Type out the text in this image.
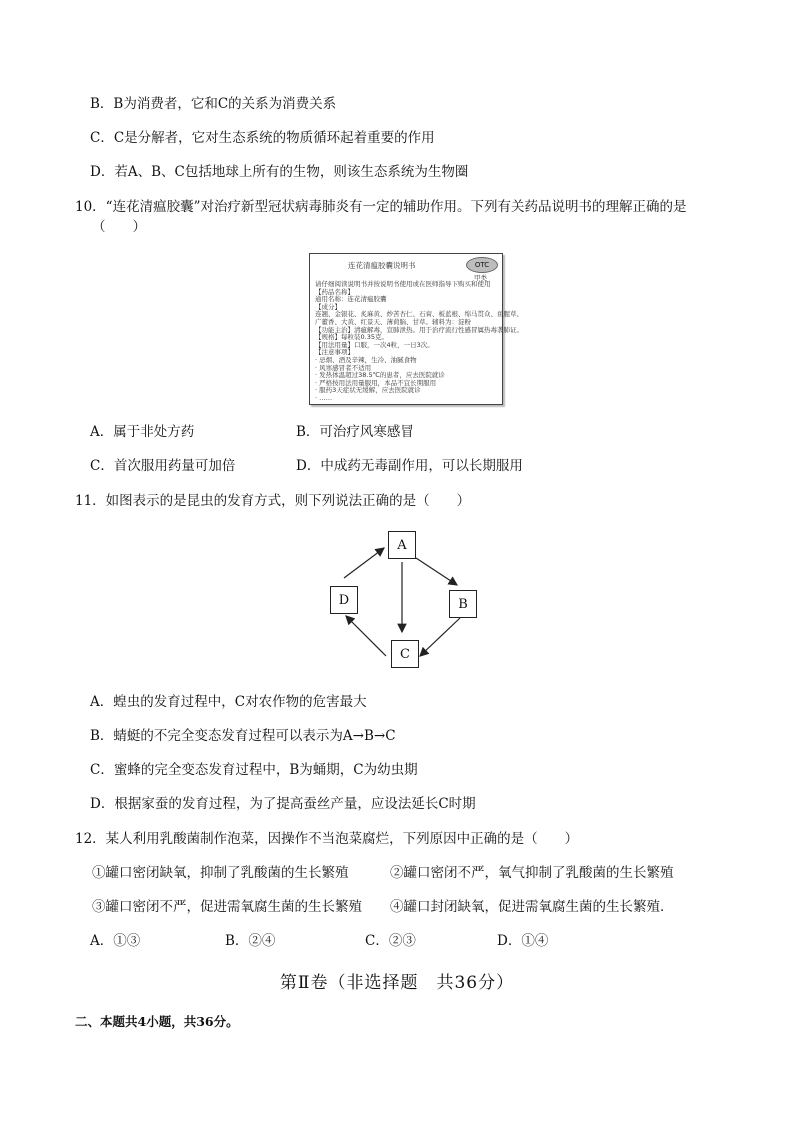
B．B为消费者，它和C的关系为消费关系
C．C是分解者，它对生态系统的物质循环起着重要的作用
D．若A、B、C包括地球上所有的生物，则该生态系统为生物圈
10．“连花清瘟胶囊”对治疗新型冠状病毒肺炎有一定的辅助作用。下列有关药品说明书的理解正确的是
（　　）
连花清瘟胶囊说明书	OTC
甲类
请仔细阅读说明书并按说明书使用或在医师指导下购买和使用
【药品名称】
通用名称：连花清瘟胶囊
【成分】
连翘、金银花、炙麻黄、炒苦杏仁、石膏、板蓝根、绵马贯众、鱼腥草、
广藿香、大黄、红景天、薄荷脑、甘草。辅料为：淀粉
【功能主治】清瘟解毒，宣肺泄热。用于治疗流行性感冒属热毒袭肺证。
【规格】每粒装0.35克。
【用法用量】口服，一次4粒，一日3次。
【注意事项】
· 忌烟、酒及辛辣，生冷、油腻食物
· 风寒感冒者不适用
· 发热体温超过38.5℃的患者，应去医院就诊
· 严格按用法用量服用，本品不宜长期服用
· 服药3天症状无缓解，应去医院就诊
· ……
A．属于非处方药	B．可治疗风寒感冒
C．首次服用药量可加倍	D．中成药无毒副作用，可以长期服用
11．如图表示的是昆虫的发育方式，则下列说法正确的是（　　）
A
B
C
D
A．蝗虫的发育过程中，C对农作物的危害最大
B．蜻蜓的不完全变态发育过程可以表示为A→B→C
C．蜜蜂的完全变态发育过程中，B为蛹期，C为幼虫期
D．根据家蚕的发育过程，为了提高蚕丝产量，应设法延长C时期
12．某人利用乳酸菌制作泡菜，因操作不当泡菜腐烂，下列原因中正确的是（　　）
①罐口密闭缺氧，抑制了乳酸菌的生长繁殖	②罐口密闭不严，氧气抑制了乳酸菌的生长繁殖
③罐口密闭不严，促进需氧腐生菌的生长繁殖 ④罐口封闭缺氧，促进需氧腐生菌的生长繁殖．
A．①③	B．②④	C．②③	D．①④
第Ⅱ卷（非选择题　共36分）
二、本题共4小题，共36分。
